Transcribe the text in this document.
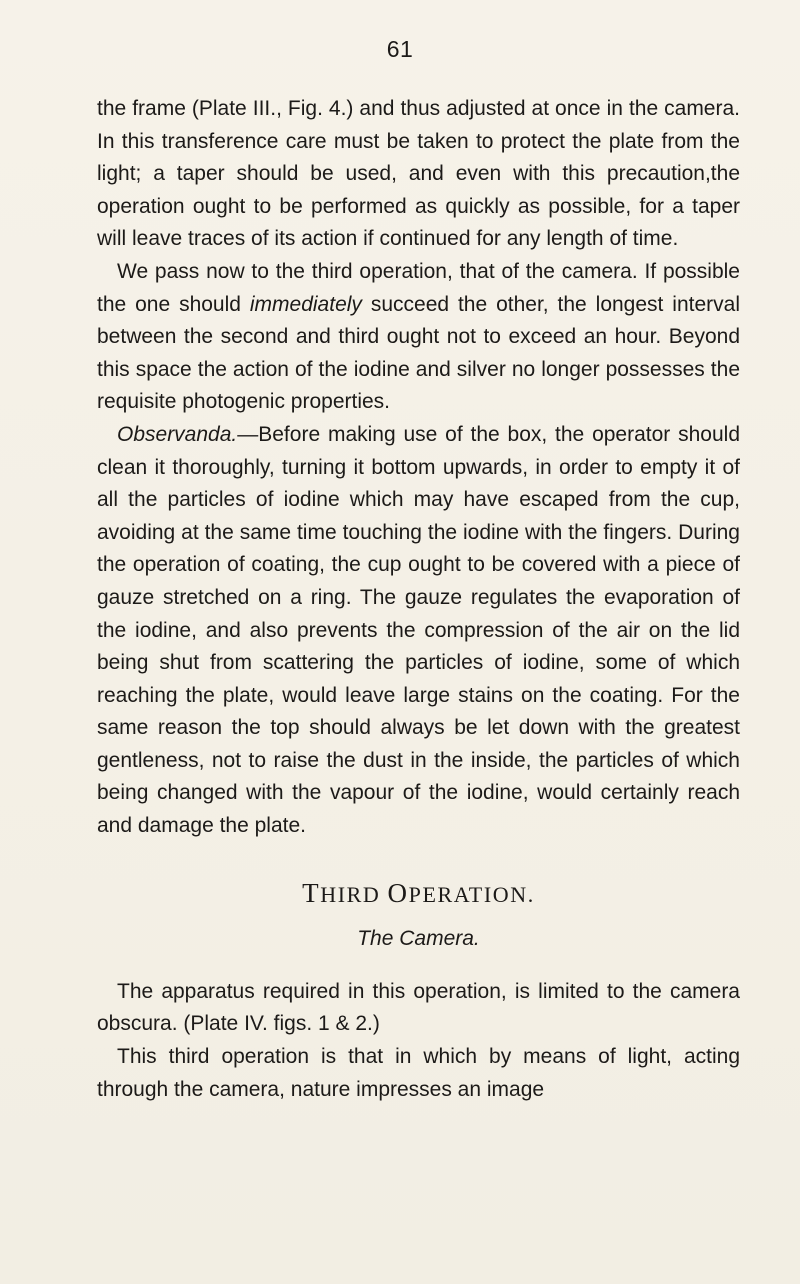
61

the frame (Plate III., Fig. 4.) and thus adjusted at once in the camera. In this transference care must be taken to protect the plate from the light; a taper should be used, and even with this precaution,the operation ought to be performed as quickly as possible, for a taper will leave traces of its action if continued for any length of time.

We pass now to the third operation, that of the camera. If possible the one should immediately succeed the other, the longest interval between the second and third ought not to exceed an hour. Beyond this space the action of the iodine and silver no longer possesses the requisite photogenic properties.

Observanda.—Before making use of the box, the operator should clean it thoroughly, turning it bottom upwards, in order to empty it of all the particles of iodine which may have escaped from the cup, avoiding at the same time touching the iodine with the fingers. During the operation of coating, the cup ought to be covered with a piece of gauze stretched on a ring. The gauze regulates the evaporation of the iodine, and also prevents the compression of the air on the lid being shut from scattering the particles of iodine, some of which reaching the plate, would leave large stains on the coating. For the same reason the top should always be let down with the greatest gentleness, not to raise the dust in the inside, the particles of which being changed with the vapour of the iodine, would certainly reach and damage the plate.

THIRD OPERATION.
The Camera.

The apparatus required in this operation, is limited to the camera obscura. (Plate IV. figs. 1 & 2.)

This third operation is that in which by means of light, acting through the camera, nature impresses an image
